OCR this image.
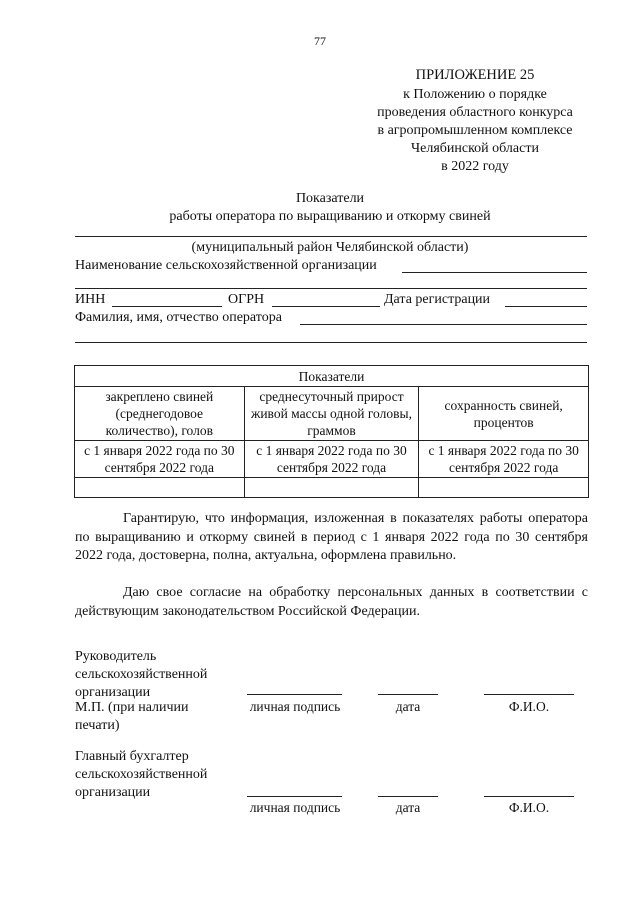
77
ПРИЛОЖЕНИЕ 25
к Положению о порядке
проведения областного конкурса
в агропромышленном комплексе
Челябинской области
в 2022 году
Показатели
работы оператора по выращиванию и откорму свиней
(муниципальный район Челябинской области)
Наименование сельскохозяйственной организации
ИНН	ОГРН	Дата регистрации
Фамилия, имя, отчество оператора
Показатели		
закреплено свиней (среднегодовое количество), голов	среднесуточный прирост живой массы одной головы, граммов	сохранность свиней, процентов
с 1 января 2022 года по 30 сентября 2022 года	с 1 января 2022 года по 30 сентября 2022 года	с 1 января 2022 года по 30 сентября 2022 года

Гарантирую, что информация, изложенная в показателях работы оператора по выращиванию и откорму свиней в период с 1 января 2022 года по 30 сентября 2022 года, достоверна, полна, актуальна, оформлена правильно.
Даю свое согласие на обработку персональных данных в соответствии с действующим законодательством Российской Федерации.
Руководитель сельскохозяйственной организации
М.П. (при наличии печати)
личная подпись	дата	Ф.И.О.
Главный бухгалтер сельскохозяйственной организации
личная подпись	дата	Ф.И.О.
